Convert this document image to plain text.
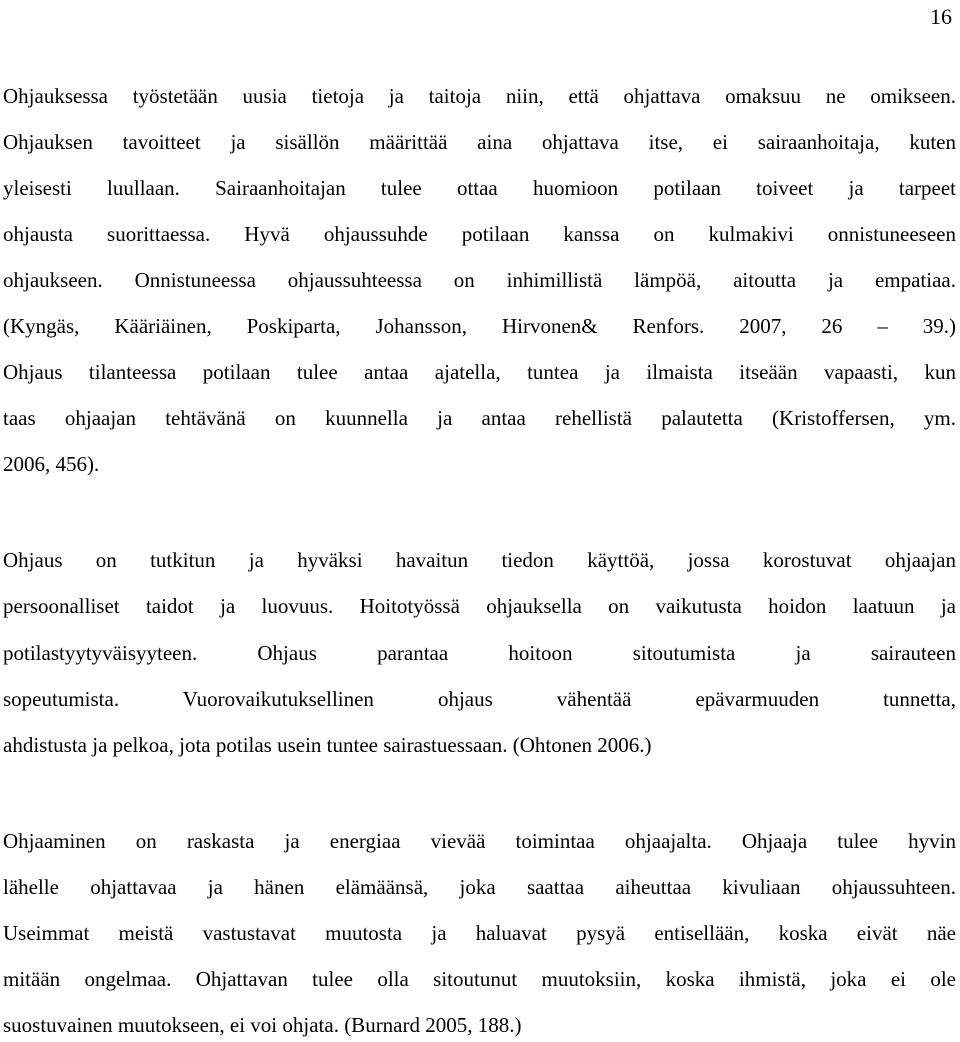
16
Ohjauksessa työstetään uusia tietoja ja taitoja niin, että ohjattava omaksuu ne omikseen.
Ohjauksen tavoitteet ja sisällön määrittää aina ohjattava itse, ei sairaanhoitaja, kuten
yleisesti luullaan. Sairaanhoitajan tulee ottaa huomioon potilaan toiveet ja tarpeet
ohjausta suorittaessa. Hyvä ohjaussuhde potilaan kanssa on kulmakivi onnistuneeseen
ohjaukseen. Onnistuneessa ohjaussuhteessa on inhimillistä lämpöä, aitoutta ja empatiaa.
(Kyngäs, Kääriäinen, Poskiparta, Johansson, Hirvonen& Renfors. 2007, 26 – 39.)
Ohjaus tilanteessa potilaan tulee antaa ajatella, tuntea ja ilmaista itseään vapaasti, kun
taas ohjaajan tehtävänä on kuunnella ja antaa rehellistä palautetta (Kristoffersen, ym.
2006, 456).
Ohjaus on tutkitun ja hyväksi havaitun tiedon käyttöä, jossa korostuvat ohjaajan
persoonalliset taidot ja luovuus. Hoitotyössä ohjauksella on vaikutusta hoidon laatuun ja
potilastyytyväisyyteen. Ohjaus parantaa hoitoon sitoutumista ja sairauteen
sopeutumista. Vuorovaikutuksellinen ohjaus vähentää epävarmuuden tunnetta,
ahdistusta ja pelkoa, jota potilas usein tuntee sairastuessaan. (Ohtonen 2006.)
Ohjaaminen on raskasta ja energiaa vievää toimintaa ohjaajalta. Ohjaaja tulee hyvin
lähelle ohjattavaa ja hänen elämäänsä, joka saattaa aiheuttaa kivuliaan ohjaussuhteen.
Useimmat meistä vastustavat muutosta ja haluavat pysyä entisellään, koska eivät näe
mitään ongelmaa. Ohjattavan tulee olla sitoutunut muutoksiin, koska ihmistä, joka ei ole
suostuvainen muutokseen, ei voi ohjata. (Burnard 2005, 188.)
